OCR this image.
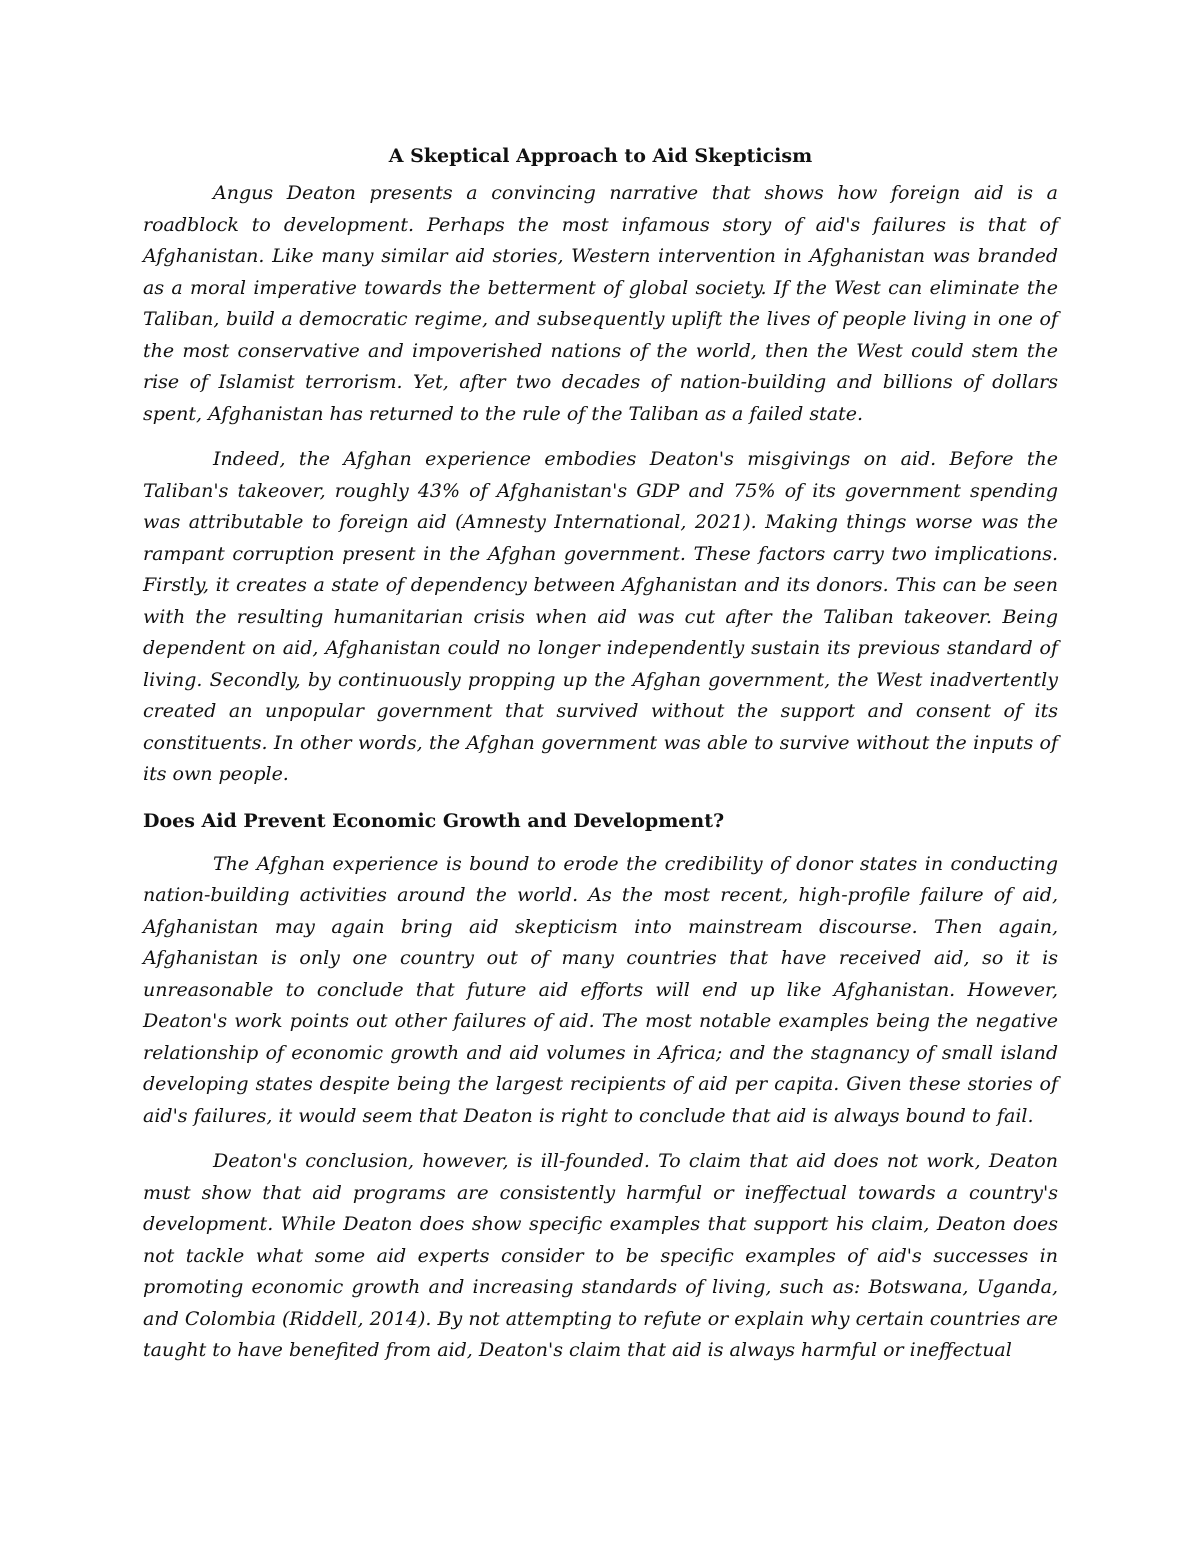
A Skeptical Approach to Aid Skepticism

Angus Deaton presents a convincing narrative that shows how foreign aid is a roadblock to development. Perhaps the most infamous story of aid's failures is that of Afghanistan. Like many similar aid stories, Western intervention in Afghanistan was branded as a moral imperative towards the betterment of global society. If the West can eliminate the Taliban, build a democratic regime, and subsequently uplift the lives of people living in one of the most conservative and impoverished nations of the world, then the West could stem the rise of Islamist terrorism. Yet, after two decades of nation-building and billions of dollars spent, Afghanistan has returned to the rule of the Taliban as a failed state.

Indeed, the Afghan experience embodies Deaton's misgivings on aid. Before the Taliban's takeover, roughly 43% of Afghanistan's GDP and 75% of its government spending was attributable to foreign aid (Amnesty International, 2021). Making things worse was the rampant corruption present in the Afghan government. These factors carry two implications. Firstly, it creates a state of dependency between Afghanistan and its donors. This can be seen with the resulting humanitarian crisis when aid was cut after the Taliban takeover. Being dependent on aid, Afghanistan could no longer independently sustain its previous standard of living. Secondly, by continuously propping up the Afghan government, the West inadvertently created an unpopular government that survived without the support and consent of its constituents. In other words, the Afghan government was able to survive without the inputs of its own people.

Does Aid Prevent Economic Growth and Development?

The Afghan experience is bound to erode the credibility of donor states in conducting nation-building activities around the world. As the most recent, high-profile failure of aid, Afghanistan may again bring aid skepticism into mainstream discourse. Then again, Afghanistan is only one country out of many countries that have received aid, so it is unreasonable to conclude that future aid efforts will end up like Afghanistan. However, Deaton's work points out other failures of aid. The most notable examples being the negative relationship of economic growth and aid volumes in Africa; and the stagnancy of small island developing states despite being the largest recipients of aid per capita. Given these stories of aid's failures, it would seem that Deaton is right to conclude that aid is always bound to fail.

Deaton's conclusion, however, is ill-founded. To claim that aid does not work, Deaton must show that aid programs are consistently harmful or ineffectual towards a country's development. While Deaton does show specific examples that support his claim, Deaton does not tackle what some aid experts consider to be specific examples of aid's successes in promoting economic growth and increasing standards of living, such as: Botswana, Uganda, and Colombia (Riddell, 2014). By not attempting to refute or explain why certain countries are taught to have benefited from aid, Deaton's claim that aid is always harmful or ineffectual
